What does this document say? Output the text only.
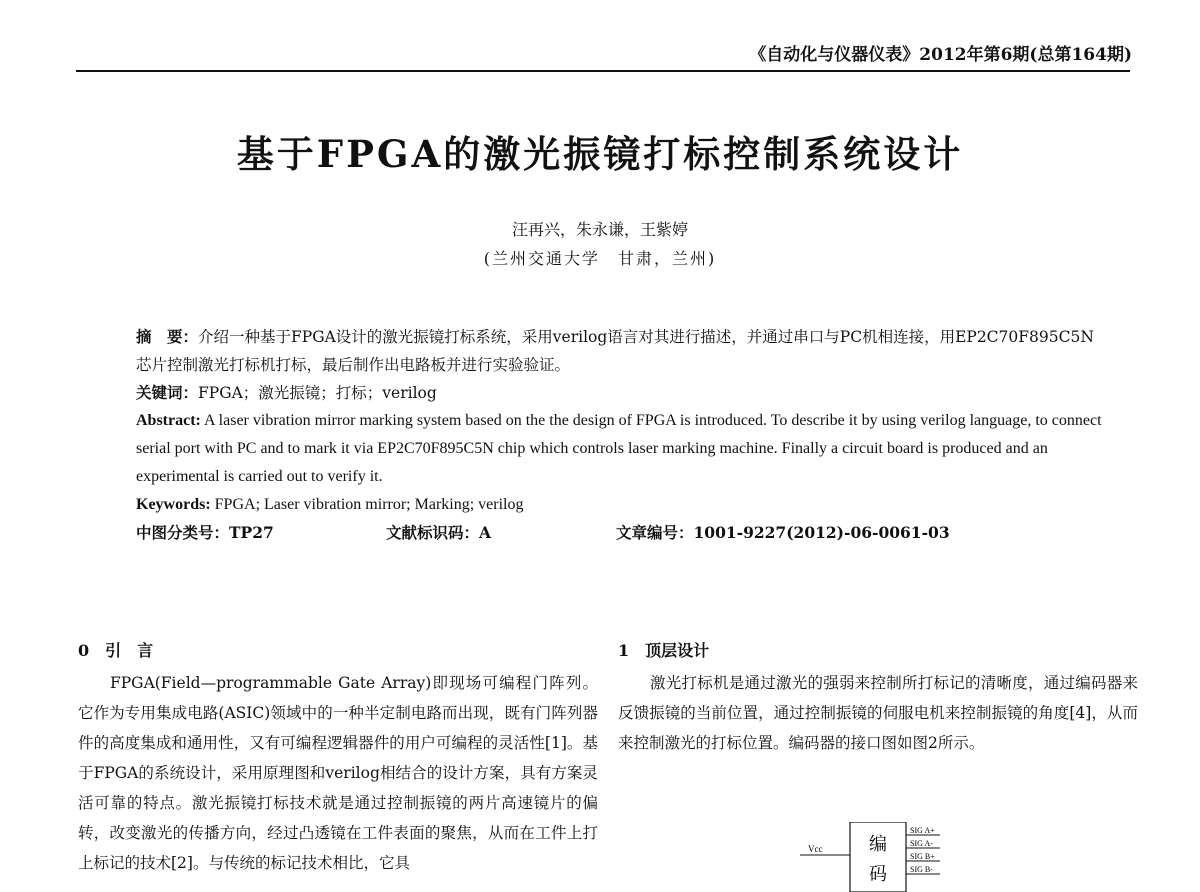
《自动化与仪器仪表》2012年第6期(总第164期)
基于FPGA的激光振镜打标控制系统设计
汪再兴，朱永谦，王紫婷
(兰州交通大学　甘肃，兰州)

摘　要：介绍一种基于FPGA设计的激光振镜打标系统，采用verilog语言对其进行描述，并通过串口与PC机相连接，用EP2C70F895C5N芯片控制激光打标机打标，最后制作出电路板并进行实验验证。

关键词：FPGA；激光振镜；打标；verilog

Abstract: A laser vibration mirror marking system based on the the design of FPGA is introduced. To describe it by using verilog language, to connect serial port with PC and to mark it via EP2C70F895C5N chip which controls laser marking machine. Finally a circuit board is produced and an experimental is carried out to verify it.

Keywords: FPGA; Laser vibration mirror; Marking; verilog

中图分类号：TP27	文献标识码：A	文章编号：1001-9227(2012)-06-0061-03
0　引　言

FPGA(Field—programmable Gate Array)即现场可编程门阵列。它作为专用集成电路(ASIC)领域中的一种半定制电路而出现，既有门阵列器件的高度集成和通用性，又有可编程逻辑器件的用户可编程的灵活性[1]。基于FPGA的系统设计，采用原理图和verilog相结合的设计方案，具有方案灵活可靠的特点。激光振镜打标技术就是通过控制振镜的两片高速镜片的偏转，改变激光的传播方向，经过凸透镜在工件表面的聚焦，从而在工件上打上标记的技术[2]。与传统的标记技术相比，它具

1　顶层设计

激光打标机是通过激光的强弱来控制所打标记的清晰度，通过编码器来反馈振镜的当前位置，通过控制振镜的伺服电机来控制振镜的角度[4]，从而来控制激光的打标位置。编码器的接口图如图2所示。

Vcc	编
码
SIG A+
SIG A-
SIG B+
SIG B-
